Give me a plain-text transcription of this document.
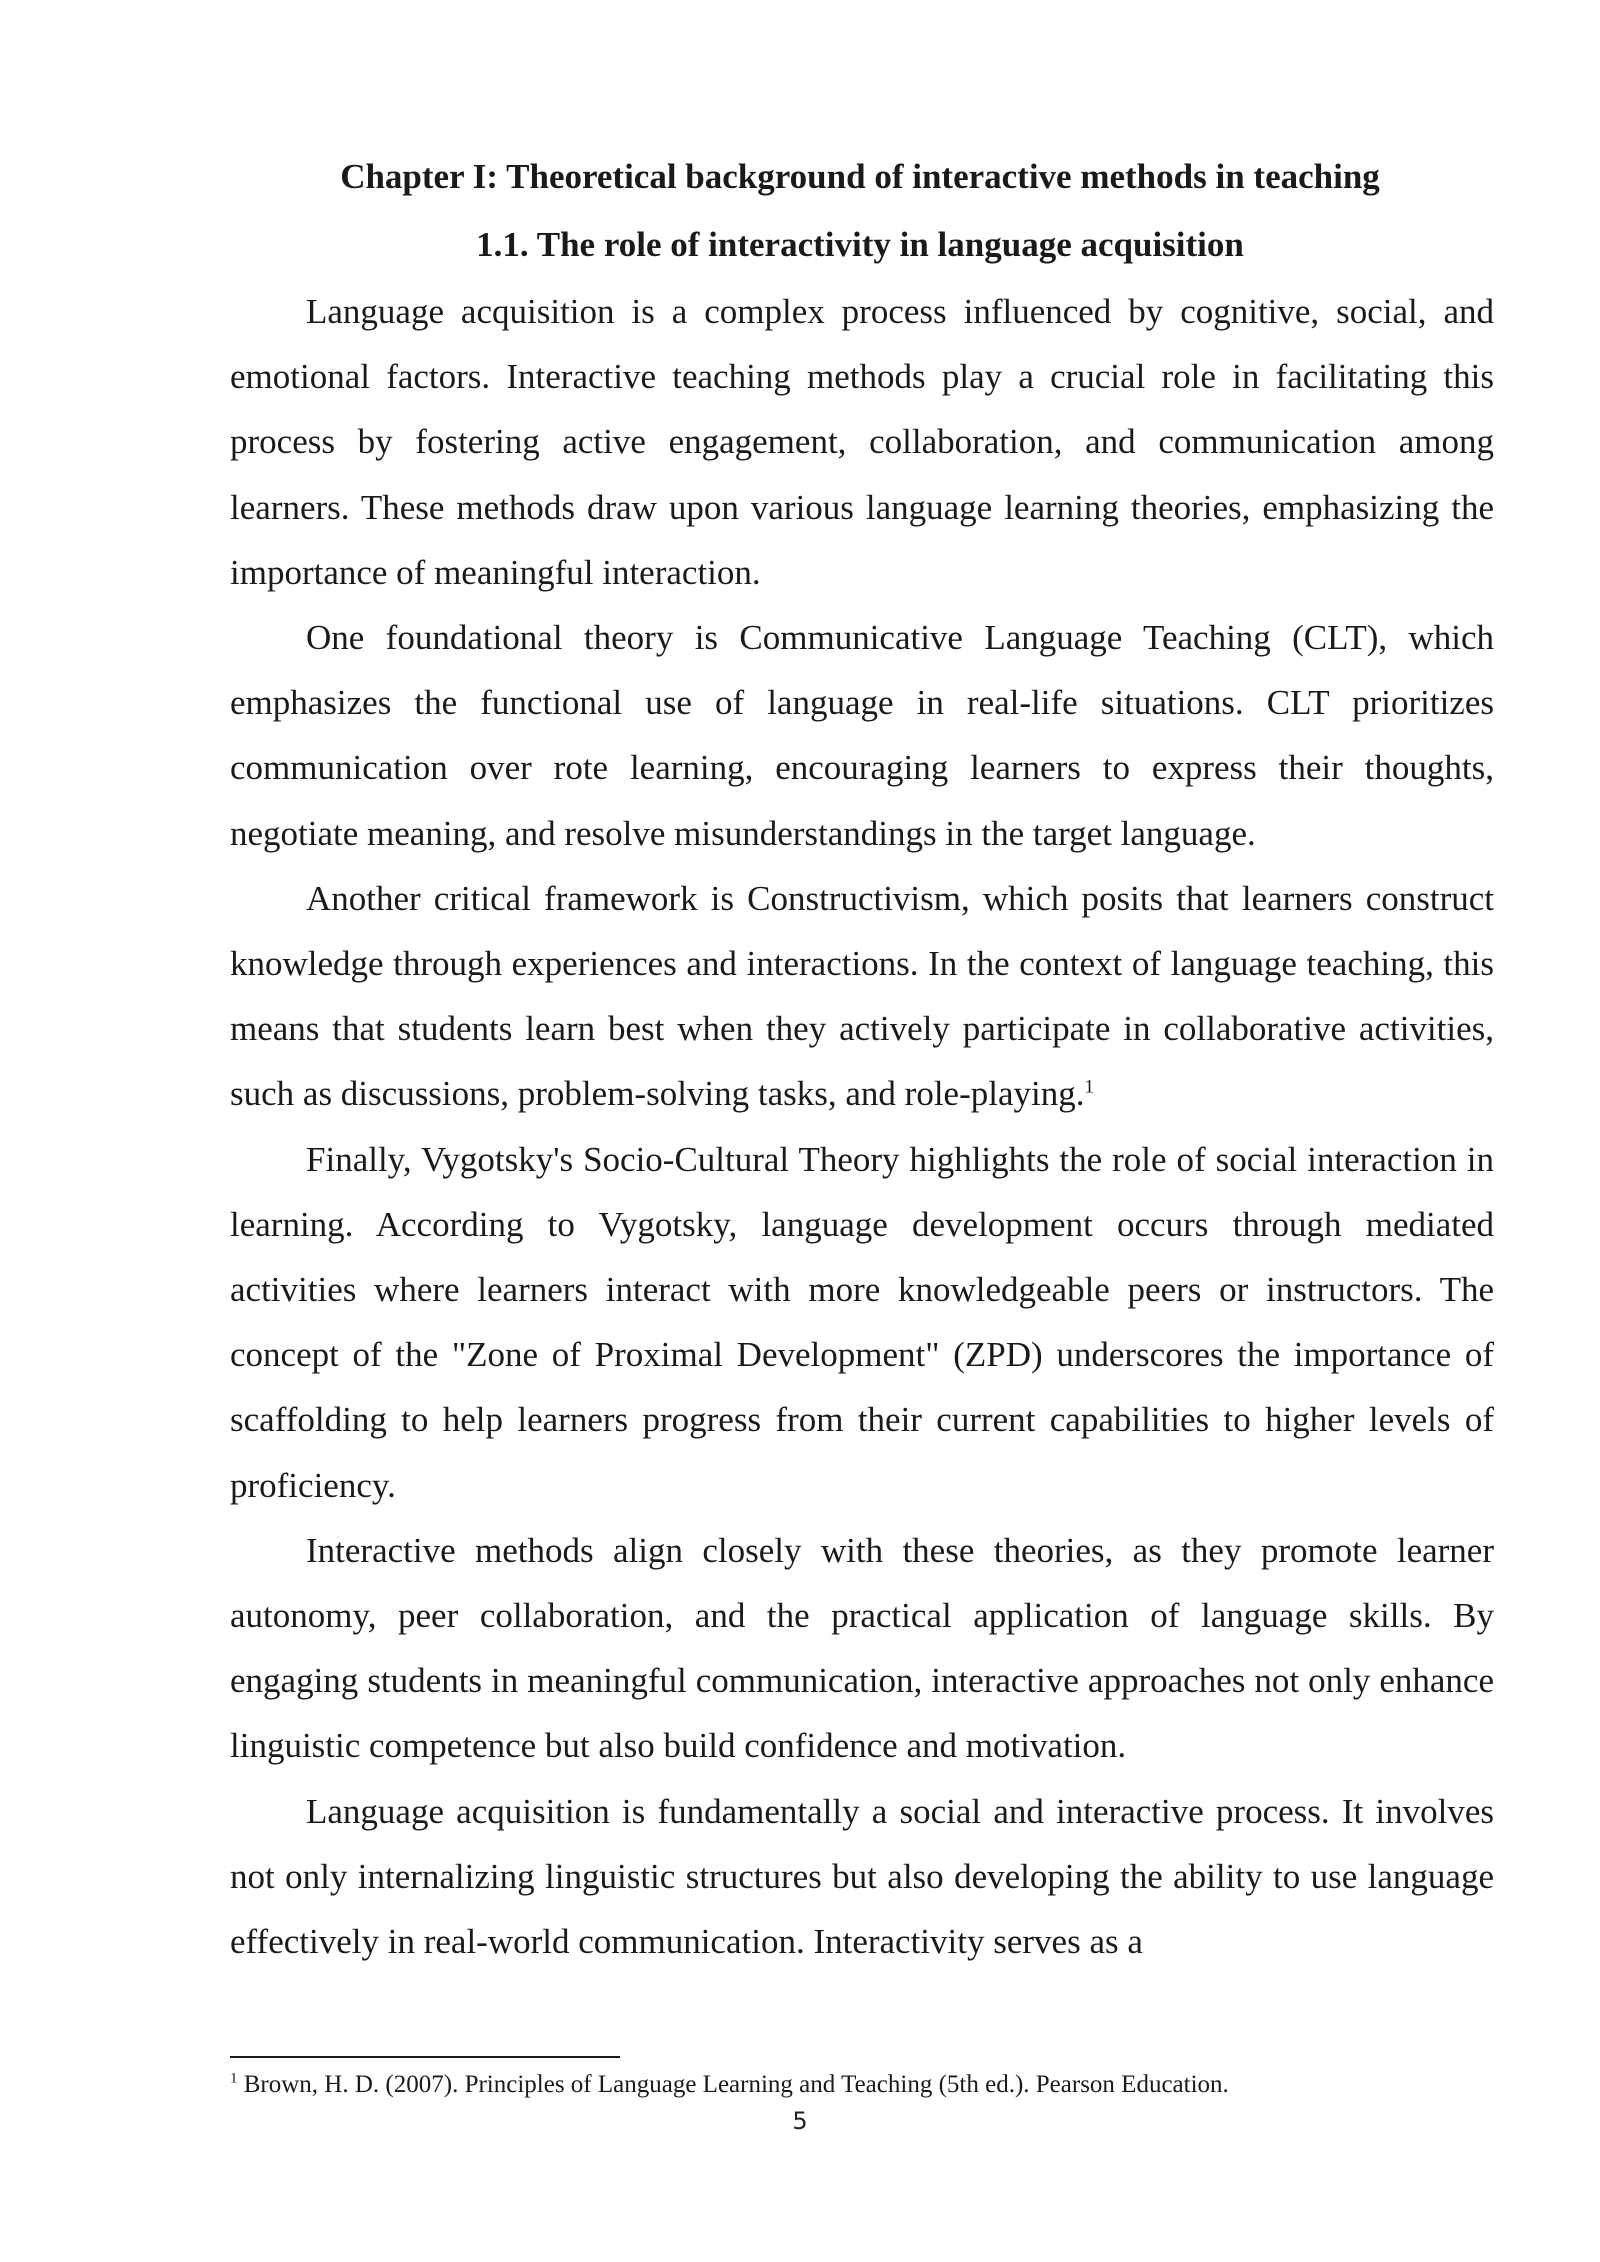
Chapter I: Theoretical background of interactive methods in teaching
1.1. The role of interactivity in language acquisition

Language acquisition is a complex process influenced by cognitive, social, and emotional factors. Interactive teaching methods play a crucial role in facilitating this process by fostering active engagement, collaboration, and communication among learners. These methods draw upon various language learning theories, emphasizing the importance of meaningful interaction.

One foundational theory is Communicative Language Teaching (CLT), which emphasizes the functional use of language in real-life situations. CLT prioritizes communication over rote learning, encouraging learners to express their thoughts, negotiate meaning, and resolve misunderstandings in the target language.

Another critical framework is Constructivism, which posits that learners construct knowledge through experiences and interactions. In the context of language teaching, this means that students learn best when they actively participate in collaborative activities, such as discussions, problem-solving tasks, and role-playing.$^1$

Finally, Vygotsky's Socio-Cultural Theory highlights the role of social interaction in learning. According to Vygotsky, language development occurs through mediated activities where learners interact with more knowledgeable peers or instructors. The concept of the "Zone of Proximal Development" (ZPD) underscores the importance of scaffolding to help learners progress from their current capabilities to higher levels of proficiency.

Interactive methods align closely with these theories, as they promote learner autonomy, peer collaboration, and the practical application of language skills. By engaging students in meaningful communication, interactive approaches not only enhance linguistic competence but also build confidence and motivation.

Language acquisition is fundamentally a social and interactive process. It involves not only internalizing linguistic structures but also developing the ability to use language effectively in real-world communication. Interactivity serves as a

$^1$ Brown, H. D. (2007). Principles of Language Learning and Teaching (5th ed.). Pearson Education.

5
